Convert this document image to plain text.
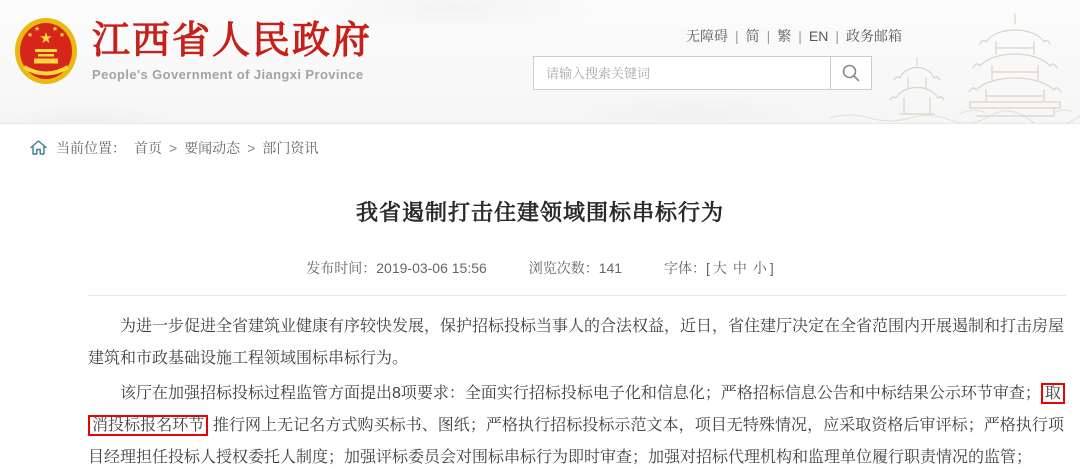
★
★
★ ★
★ 江西省人民政府
People's Government of Jiangxi Province
无障碍 | 简 | 繁 | EN | 政务邮箱
请输入搜索关键词
当前位置： 首页 > 要闻动态 > 部门资讯
我省遏制打击住建领域围标串标行为
发布时间：2019-03-06 15:56	浏览次数：141	字体：[ 大 中 小 ]

为进一步促进全省建筑业健康有序较快发展，保护招标投标当事人的合法权益，近日，省住建厅决定在全省范围内开展遏制和打击房屋建筑和市政基础设施工程领域围标串标行为。

该厅在加强招标投标过程监管方面提出8项要求：全面实行招标投标电子化和信息化；严格招标信息公告和中标结果公示环节审查； 取消投标报名环节 推行网上无记名方式购买标书、图纸；严格执行招标投标示范文本，项目无特殊情况，应采取资格后审评标；严格执行项目经理担任投标人授权委托人制度；加强评标委员会对围标串标行为即时审查；加强对招标代理机构和监理单位履行职责情况的监管；
